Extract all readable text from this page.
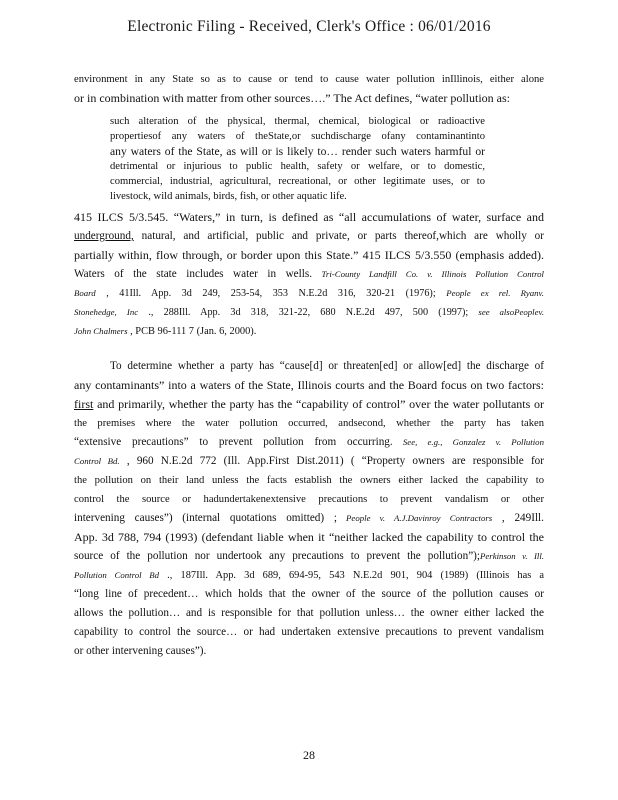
Electronic Filing - Received, Clerk's Office : 06/01/2016
environment in any State so as to cause or tend to cause water pollution inIllinois, either alone
or in combination with matter from other sources….” The Act defines, “water pollution as:
such alteration of the physical, thermal, chemical, biological or radioactive
propertiesof any waters of theState,or suchdischarge ofany contaminantinto
any waters of the State, as will or is likely to… render such waters harmful or
detrimental or injurious to public health, safety or welfare, or to domestic,
commercial, industrial, agricultural, recreational, or other legitimate uses, or to
livestock, wild animals, birds, fish, or other aquatic life.
415 ILCS 5/3.545. “Waters,” in turn, is defined as “all accumulations of water, surface and
underground, natural, and artificial, public and private, or parts thereof,which are wholly or
partially within, flow through, or border upon this State.” 415 ILCS 5/3.550 (emphasis added).
Waters of the state includes water in wells. Tri-County Landfill Co. v. Illinois Pollution Control
Board , 41Ill. App. 3d 249, 253-54, 353 N.E.2d 316, 320-21 (1976); People ex rel. Ryanv.
Stonehedge, Inc ., 288Ill. App. 3d 318, 321-22, 680 N.E.2d 497, 500 (1997); see alsoPeoplev.
John Chalmers , PCB 96-111 7 (Jan. 6, 2000).
To determine whether a party has “cause[d] or threaten[ed] or allow[ed] the discharge of
any contaminants” into a waters of the State, Illinois courts and the Board focus on two factors:
first and primarily, whether the party has the “capability of control” over the water pollutants or
the premises where the water pollution occurred, andsecond, whether the party has taken
“extensive precautions” to prevent pollution from occurring. See, e.g., Gonzalez v. Pollution
Control Bd. , 960 N.E.2d 772 (Ill. App.First Dist.2011) ( “Property owners are responsible for
the pollution on their land unless the facts establish the owners either lacked the capability to
control the source or hadundertakenextensive precautions to prevent vandalism or other
intervening causes”) (internal quotations omitted) ; People v. A.J.Davinroy Contractors , 249Ill.
App. 3d 788, 794 (1993) (defendant liable when it “neither lacked the capability to control the
source of the pollution nor undertook any precautions to prevent the pollution”);Perkinson v. Ill.
Pollution Control Bd ., 187Ill. App. 3d 689, 694-95, 543 N.E.2d 901, 904 (1989) (Illinois has a
“long line of precedent… which holds that the owner of the source of the pollution causes or
allows the pollution… and is responsible for that pollution unless… the owner either lacked the
capability to control the source… or had undertaken extensive precautions to prevent vandalism
or other intervening causes”).
28
